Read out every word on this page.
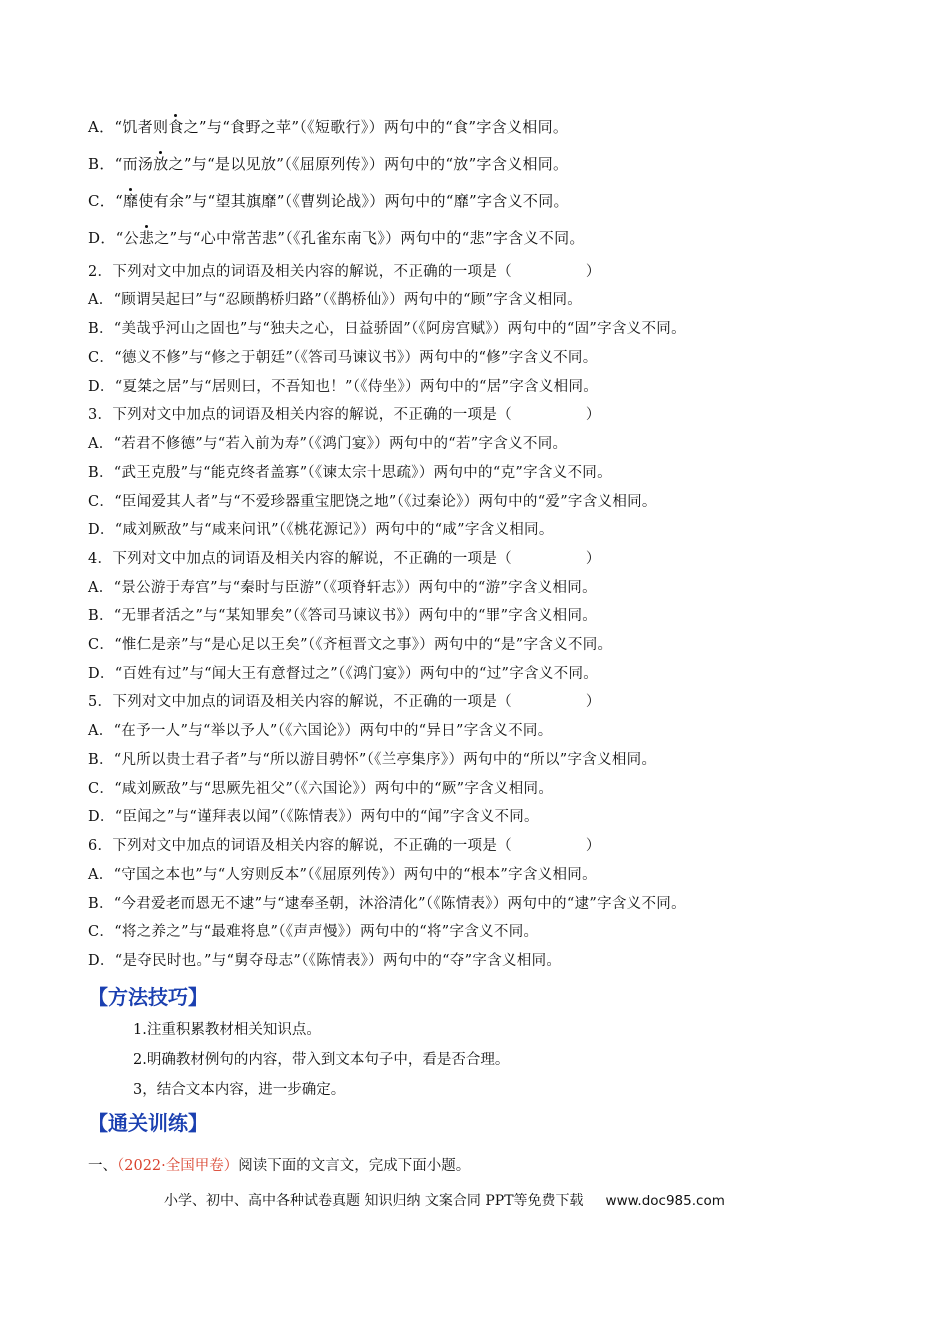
A．“饥者则食之”与“食野之苹”（《短歌行》）两句中的“食”字含义相同。
B．“而汤放之”与“是以见放”（《屈原列传》）两句中的“放”字含义相同。
C．“靡使有余”与“望其旗靡”（《曹刿论战》）两句中的“靡”字含义不同。
D．“公悲之”与“心中常苦悲”（《孔雀东南飞》）两句中的“悲”字含义不同。
2．下列对文中加点的词语及相关内容的解说，不正确的一项是（　　　　　）
A．“顾谓吴起曰”与“忍顾鹊桥归路”（《鹊桥仙》）两句中的“顾”字含义相同。
B．“美哉乎河山之固也”与“独夫之心，日益骄固”（《阿房宫赋》）两句中的“固”字含义不同。
C．“德义不修”与“修之于朝廷”（《答司马谏议书》）两句中的“修”字含义不同。
D．“夏桀之居”与“居则曰，不吾知也！”（《侍坐》）两句中的“居”字含义相同。
3．下列对文中加点的词语及相关内容的解说，不正确的一项是（　　　　　）
A．“若君不修德”与“若入前为寿”（《鸿门宴》）两句中的“若”字含义不同。
B．“武王克殷”与“能克终者盖寡”（《谏太宗十思疏》）两句中的“克”字含义不同。
C．“臣闻爱其人者”与“不爱珍器重宝肥饶之地”（《过秦论》）两句中的“爱”字含义相同。
D．“咸刘厥敌”与“咸来问讯”（《桃花源记》）两句中的“咸”字含义相同。
4．下列对文中加点的词语及相关内容的解说，不正确的一项是（　　　　　）
A．“景公游于寿宫”与“秦时与臣游”（《项脊轩志》）两句中的“游”字含义相同。
B．“无罪者活之”与“某知罪矣”（《答司马谏议书》）两句中的“罪”字含义相同。
C．“惟仁是亲”与“是心足以王矣”（《齐桓晋文之事》）两句中的“是”字含义不同。
D．“百姓有过”与“闻大王有意督过之”（《鸿门宴》）两句中的“过”字含义不同。
5．下列对文中加点的词语及相关内容的解说，不正确的一项是（　　　　　）
A．“在予一人”与“举以予人”（《六国论》）两句中的“异日”字含义不同。
B．“凡所以贵士君子者”与“所以游目骋怀”（《兰亭集序》）两句中的“所以”字含义相同。
C．“咸刘厥敌”与“思厥先祖父”（《六国论》）两句中的“厥”字含义相同。
D．“臣闻之”与“谨拜表以闻”（《陈情表》）两句中的“闻”字含义不同。
6．下列对文中加点的词语及相关内容的解说，不正确的一项是（　　　　　）
A．“守国之本也”与“人穷则反本”（《屈原列传》）两句中的“根本”字含义相同。
B．“今君爱老而恩无不逮”与“逮奉圣朝，沐浴清化”（《陈情表》）两句中的“逮”字含义不同。
C．“将之养之”与“最难将息”（《声声慢》）两句中的“将”字含义不同。
D．“是夺民时也。”与“舅夺母志”（《陈情表》）两句中的“夺”字含义相同。
【方法技巧】
1.注重积累教材相关知识点。
2.明确教材例句的内容，带入到文本句子中，看是否合理。
3，结合文本内容，进一步确定。
【通关训练】
一、（2022·全国甲卷）阅读下面的文言文，完成下面小题。
小学、初中、高中各种试卷真题 知识归纳 文案合同 PPT等免费下载 www.doc985.com
